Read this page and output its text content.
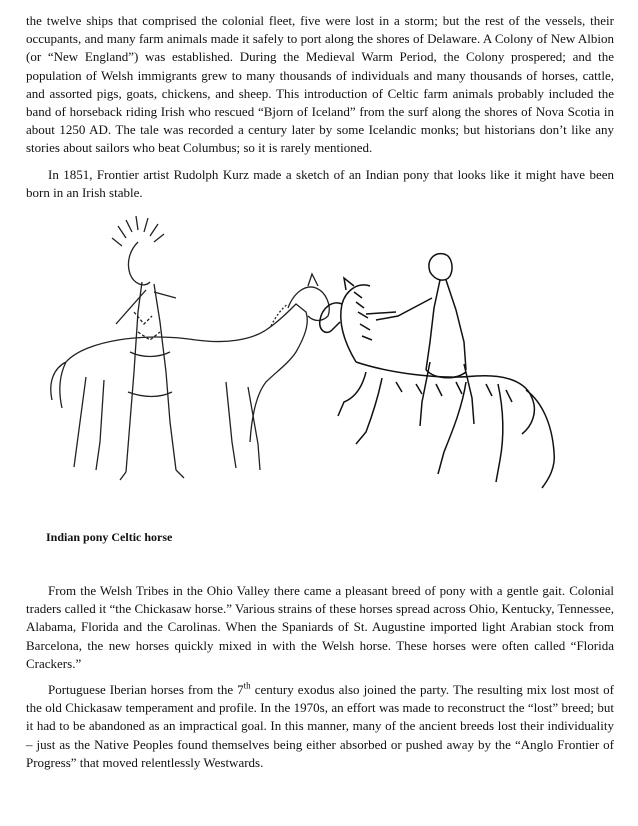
the twelve ships that comprised the colonial fleet, five were lost in a storm; but the rest of the vessels, their occupants, and many farm animals made it safely to port along the shores of Delaware. A Colony of New Albion (or “New England”) was established. During the Medieval Warm Period, the Colony prospered; and the population of Welsh immigrants grew to many thousands of individuals and many thousands of horses, cattle, and assorted pigs, goats, chickens, and sheep. This introduction of Celtic farm animals probably included the band of horseback riding Irish who rescued “Bjorn of Iceland” from the surf along the shores of Nova Scotia in about 1250 AD. The tale was recorded a century later by some Icelandic monks; but historians don’t like any stories about sailors who beat Columbus; so it is rarely mentioned.

In 1851, Frontier artist Rudolph Kurz made a sketch of an Indian pony that looks like it might have been born in an Irish stable.

Indian pony Celtic horse

From the Welsh Tribes in the Ohio Valley there came a pleasant breed of pony with a gentle gait. Colonial traders called it “the Chickasaw horse.” Various strains of these horses spread across Ohio, Kentucky, Tennessee, Alabama, Florida and the Carolinas. When the Spaniards of St. Augustine imported light Arabian stock from Barcelona, the new horses quickly mixed in with the Welsh horse. These horses were often called “Florida Crackers.”

Portuguese Iberian horses from the 7th century exodus also joined the party. The resulting mix lost most of the old Chickasaw temperament and profile. In the 1970s, an effort was made to reconstruct the “lost” breed; but it had to be abandoned as an impractical goal. In this manner, many of the ancient breeds lost their individuality – just as the Native Peoples found themselves being either absorbed or pushed away by the “Anglo Frontier of Progress” that moved relentlessly Westwards.
